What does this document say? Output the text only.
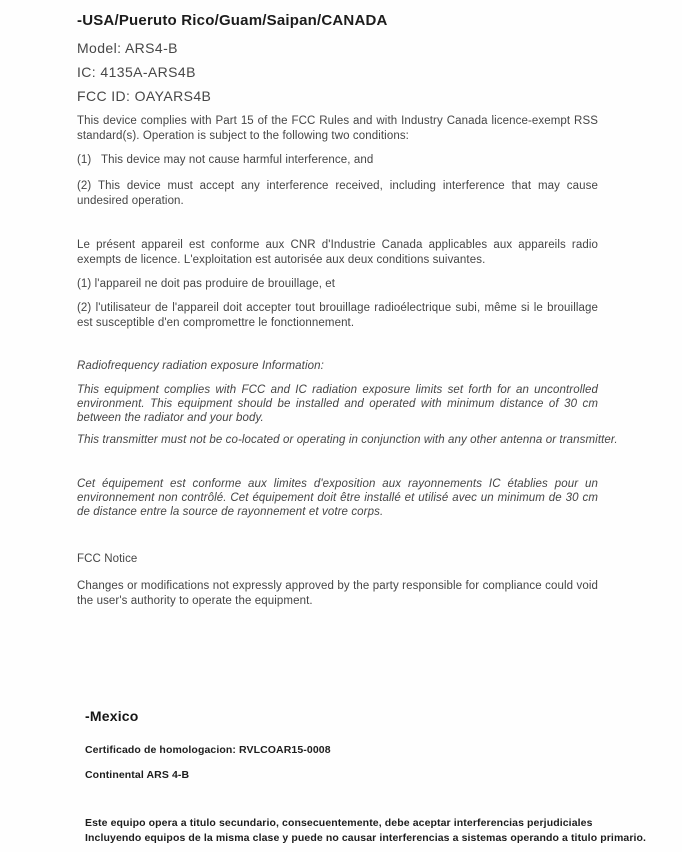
-USA/Pueruto Rico/Guam/Saipan/CANADA

Model: ARS4-B

IC: 4135A-ARS4B

FCC ID: OAYARS4B

This device complies with Part 15 of the FCC Rules and with Industry Canada licence-exempt RSS standard(s). Operation is subject to the following two conditions:

(1)   This device may not cause harmful interference, and

(2) This device must accept any interference received, including interference that may cause undesired operation.

Le présent appareil est conforme aux CNR d'Industrie Canada applicables aux appareils radio exempts de licence. L'exploitation est autorisée aux deux conditions suivantes.

(1) l'appareil ne doit pas produire de brouillage, et

(2) l'utilisateur de l'appareil doit accepter tout brouillage radioélectrique subi, même si le brouillage est susceptible d'en compromettre le fonctionnement.

Radiofrequency radiation exposure Information:

This equipment complies with FCC and IC radiation exposure limits set forth for an uncontrolled environment. This equipment should be installed and operated with minimum distance of 30 cm between the radiator and your body.

This transmitter must not be co-located or operating in conjunction with any other antenna or transmitter.

Cet équipement est conforme aux limites d'exposition aux rayonnements IC établies pour un environnement non contrôlé. Cet équipement doit être installé et utilisé avec un minimum de 30 cm de distance entre la source de rayonnement et votre corps.

FCC Notice

Changes or modifications not expressly approved by the party responsible for compliance could void the user's authority to operate the equipment.

-Mexico

Certificado de homologacion: RVLCOAR15-0008

Continental ARS 4-B

Este equipo opera a titulo secundario, consecuentemente, debe aceptar interferencias perjudiciales

Incluyendo equipos de la misma clase y puede no causar interferencias a sistemas operando a titulo primario.
